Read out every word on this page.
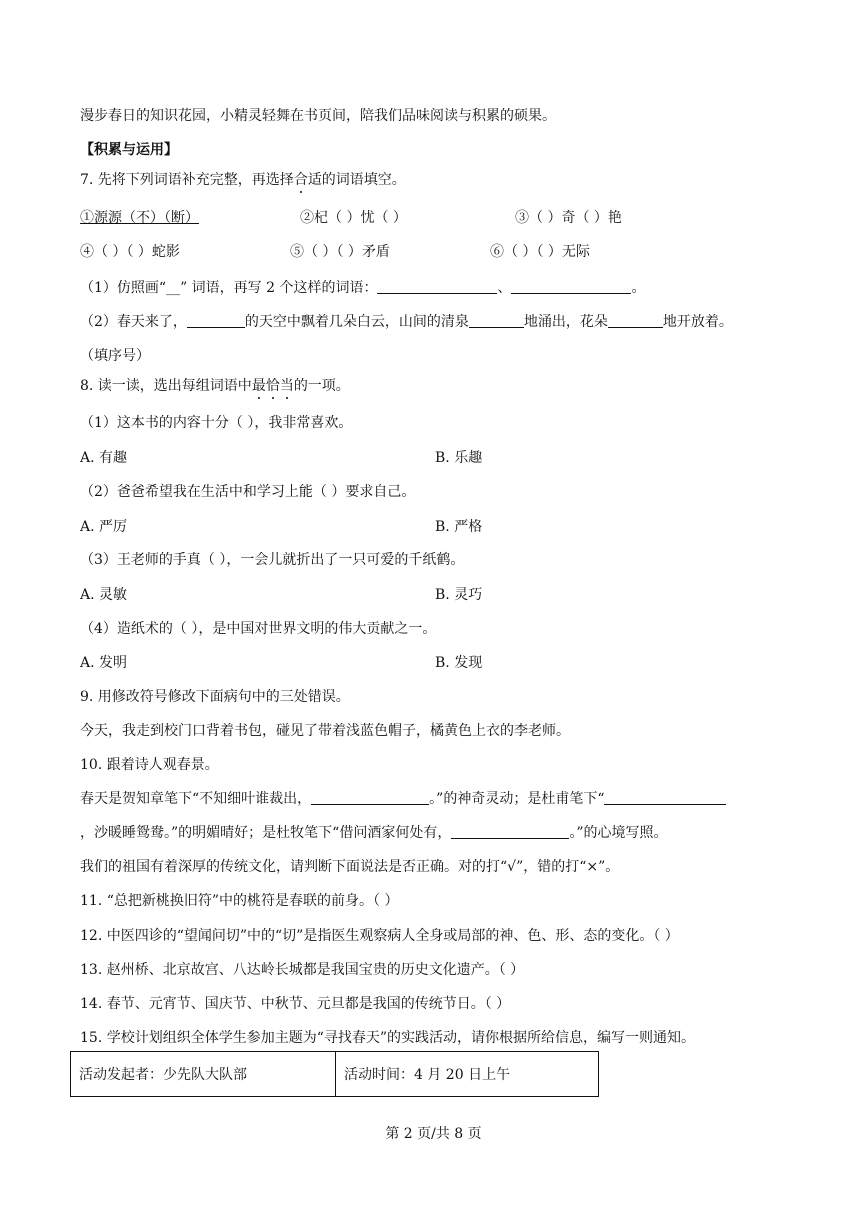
漫步春日的知识花园，小精灵轻舞在书页间，陪我们品味阅读与积累的硕果。
【积累与运用】
7. 先将下列词语补充完整，再选择合适的词语填空。
①源源（不）（断）	②杞（ ）忧（ ）	③（ ）奇（ ）艳
④（ ）（ ）蛇影	⑤（ ）（ ）矛盾	⑥（ ）（ ）无际
（1）仿照画“__” 词语，再写 2 个这样的词语：	、	。
（2）春天来了，	的天空中飘着几朵白云，山间的清泉	地涌出，花朵	地开放着。
（填序号）
8. 读一读，选出每组词语中最恰当的一项。
（1）这本书的内容十分（ ），我非常喜欢。
A. 有趣	B. 乐趣
（2）爸爸希望我在生活中和学习上能（ ）要求自己。
A. 严厉	B. 严格
（3）王老师的手真（ ），一会儿就折出了一只可爱的千纸鹤。
A. 灵敏	B. 灵巧
（4）造纸术的（ ），是中国对世界文明的伟大贡献之一。
A. 发明	B. 发现
9. 用修改符号修改下面病句中的三处错误。
今天，我走到校门口背着书包，碰见了带着浅蓝色帽子，橘黄色上衣的李老师。
10. 跟着诗人观春景。
春天是贺知章笔下“不知细叶谁裁出，	。”的神奇灵动；是杜甫笔下“
，沙暖睡鸳鸯。”的明媚晴好；是杜牧笔下“借问酒家何处有，	。”的心境写照。
我们的祖国有着深厚的传统文化，请判断下面说法是否正确。对的打“√”，错的打“×”。
11. “总把新桃换旧符”中的桃符是春联的前身。（ ）
12. 中医四诊的“望闻问切”中的“切”是指医生观察病人全身或局部的神、色、形、态的变化。（ ）
13. 赵州桥、北京故宫、八达岭长城都是我国宝贵的历史文化遗产。（ ）
14. 春节、元宵节、国庆节、中秋节、元旦都是我国的传统节日。（ ）
15. 学校计划组织全体学生参加主题为“寻找春天”的实践活动，请你根据所给信息，编写一则通知。
活动发起者：少先队大队部	活动时间：4 月 20 日上午
第 2 页/共 8 页
